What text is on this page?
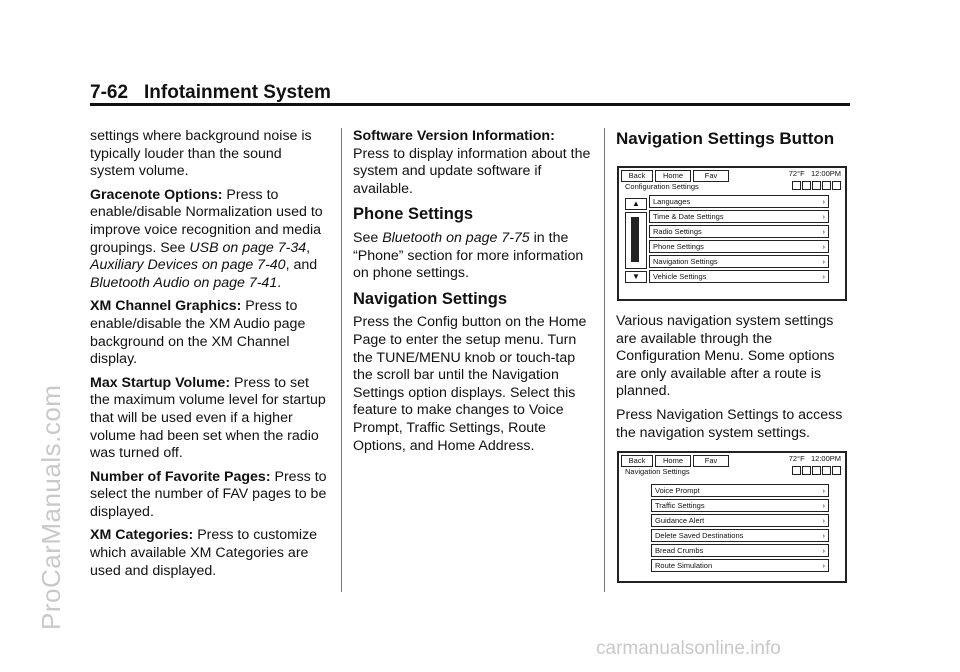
7-62 Infotainment System

settings where background noise is typically louder than the sound system volume.

Gracenote Options: Press to enable/disable Normalization used to improve voice recognition and media groupings. See USB on page 7-34, Auxiliary Devices on page 7-40, and Bluetooth Audio on page 7-41.

XM Channel Graphics: Press to enable/disable the XM Audio page background on the XM Channel display.

Max Startup Volume: Press to set the maximum volume level for startup that will be used even if a higher volume had been set when the radio was turned off.

Number of Favorite Pages: Press to select the number of FAV pages to be displayed.

XM Categories: Press to customize which available XM Categories are used and displayed.

Software Version Information:

Press to display information about the system and update software if available.

Phone Settings

See Bluetooth on page 7-75 in the “Phone” section for more information on phone settings.

Navigation Settings

Press the Config button on the Home Page to enter the setup menu. Turn the TUNE/MENU knob or touch-tap the scroll bar until the Navigation Settings option displays. Select this feature to make changes to Voice Prompt, Traffic Settings, Route Options, and Home Address.

Navigation Settings Button
Back	Home	Fav	72°F 12:00PM
Configuration Settings
▲
▼
Languages	›
Time & Date Settings	›
Radio Settings	›
Phone Settings	›
Navigation Settings	›
Vehicle Settings	›

Various navigation system settings are available through the Configuration Menu. Some options are only available after a route is planned.

Press Navigation Settings to access the navigation system settings.

Back	Home	Fav	72°F 12:00PM
Navigation Settings
Voice Prompt	›
Traffic Settings	›
Guidance Alert	›
Delete Saved Destinations	›
Bread Crumbs	›
Route Simulation	›
ProCarManuals.com
carmanualsonline.info
